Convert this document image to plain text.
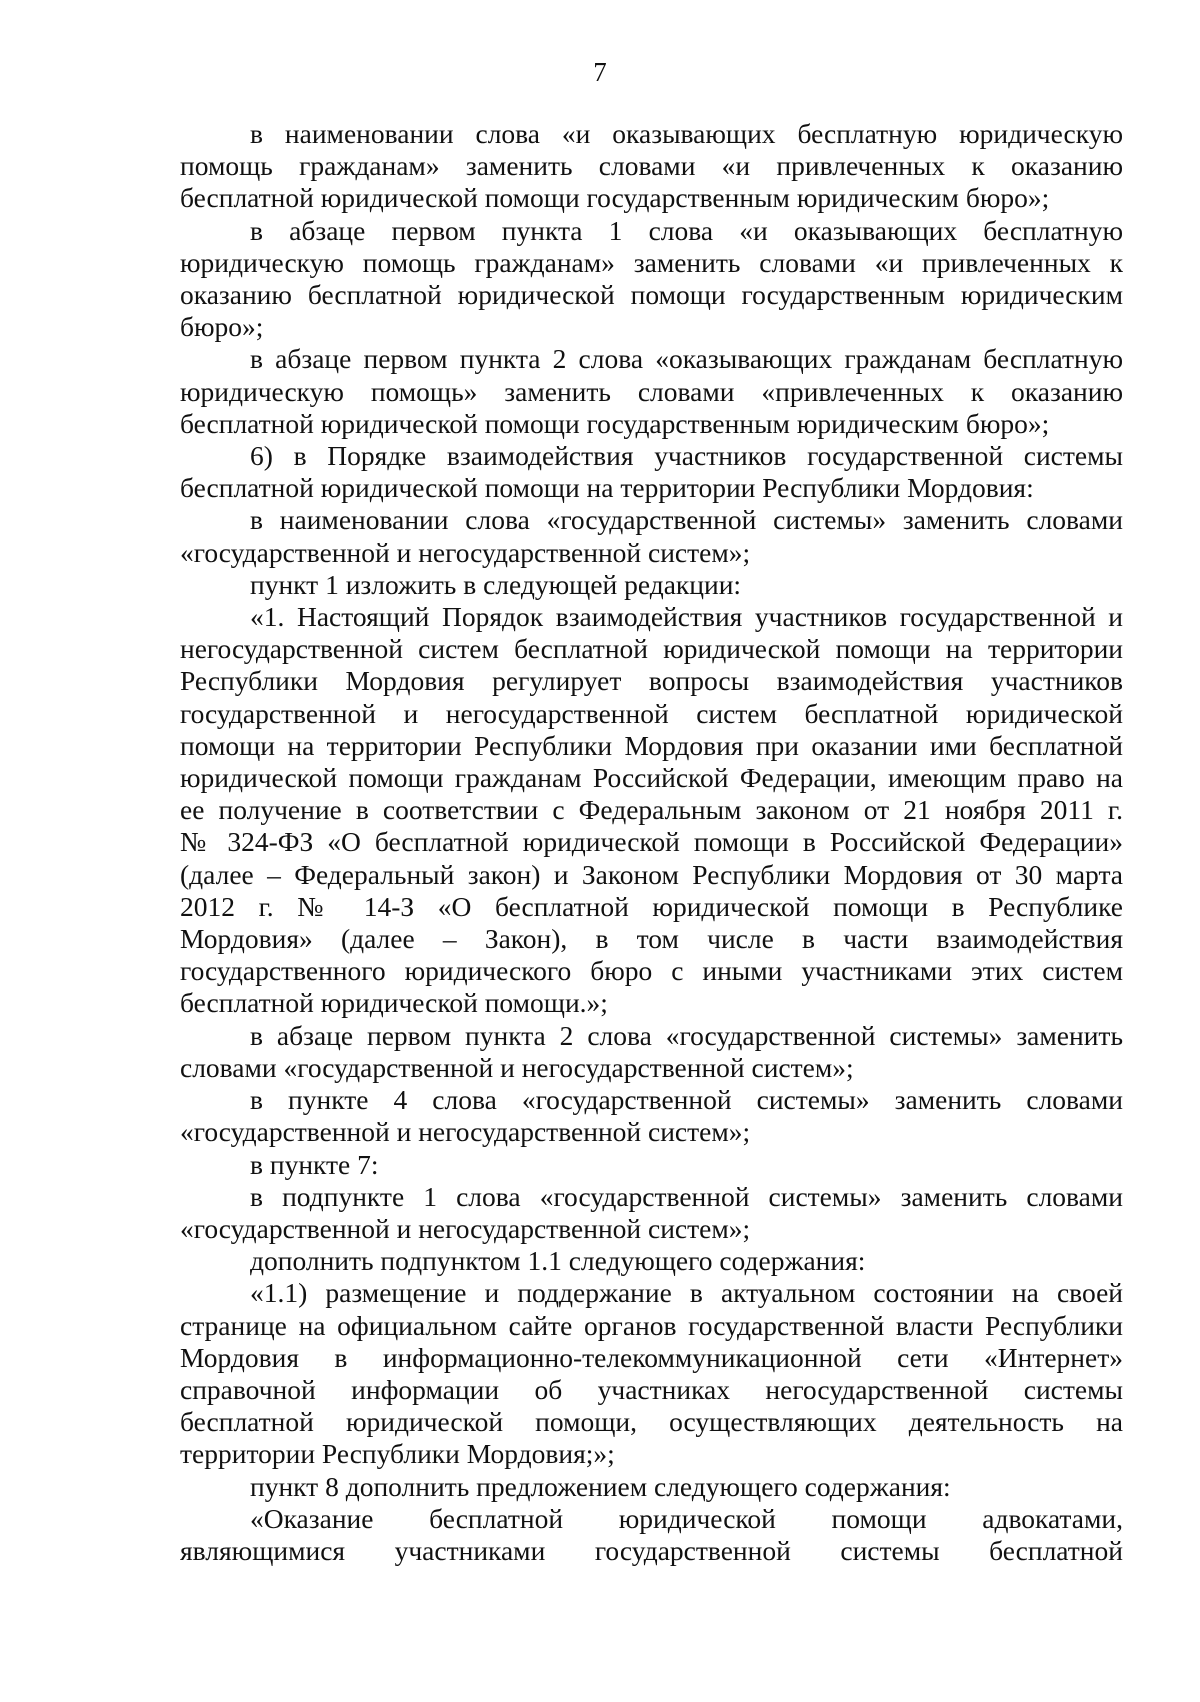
7
в наименовании слова «и оказывающих бесплатную юридическую
помощь гражданам» заменить словами «и привлеченных к оказанию
бесплатной юридической помощи государственным юридическим бюро»;
в абзаце первом пункта 1 слова «и оказывающих бесплатную
юридическую помощь гражданам» заменить словами «и привлеченных к
оказанию бесплатной юридической помощи государственным юридическим
бюро»;
в абзаце первом пункта 2 слова «оказывающих гражданам бесплатную
юридическую помощь» заменить словами «привлеченных к оказанию
бесплатной юридической помощи государственным юридическим бюро»;
6) в Порядке взаимодействия участников государственной системы
бесплатной юридической помощи на территории Республики Мордовия:
в наименовании слова «государственной системы» заменить словами
«государственной и негосударственной систем»;
пункт 1 изложить в следующей редакции:
«1. Настоящий Порядок взаимодействия участников государственной и
негосударственной систем бесплатной юридической помощи на территории
Республики Мордовия регулирует вопросы взаимодействия участников
государственной и негосударственной систем бесплатной юридической
помощи на территории Республики Мордовия при оказании ими бесплатной
юридической помощи гражданам Российской Федерации, имеющим право на
ее получение в соответствии с Федеральным законом от 21 ноября 2011 г.
№ 324-ФЗ «О бесплатной юридической помощи в Российской Федерации»
(далее – Федеральный закон) и Законом Республики Мордовия от 30 марта
2012 г. № 14-З «О бесплатной юридической помощи в Республике
Мордовия» (далее – Закон), в том числе в части взаимодействия
государственного юридического бюро с иными участниками этих систем
бесплатной юридической помощи.»;
в абзаце первом пункта 2 слова «государственной системы» заменить
словами «государственной и негосударственной систем»;
в пункте 4 слова «государственной системы» заменить словами
«государственной и негосударственной систем»;
в пункте 7:
в подпункте 1 слова «государственной системы» заменить словами
«государственной и негосударственной систем»;
дополнить подпунктом 1.1 следующего содержания:
«1.1) размещение и поддержание в актуальном состоянии на своей
странице на официальном сайте органов государственной власти Республики
Мордовия в информационно-телекоммуникационной сети «Интернет»
справочной информации об участниках негосударственной системы
бесплатной юридической помощи, осуществляющих деятельность на
территории Республики Мордовия;»;
пункт 8 дополнить предложением следующего содержания:
«Оказание бесплатной юридической помощи адвокатами,
являющимися участниками государственной системы бесплатной
